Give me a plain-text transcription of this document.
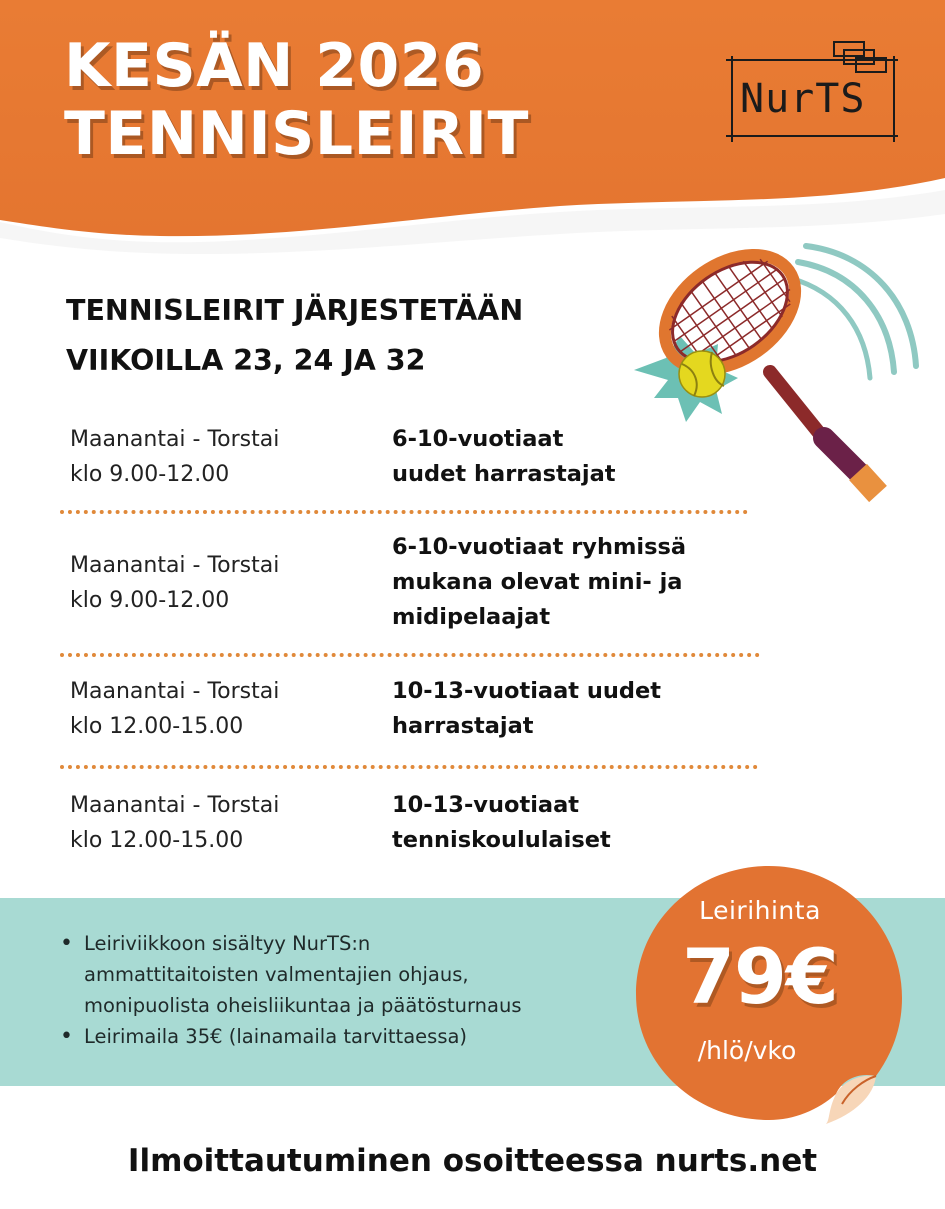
KESÄN 2026
TENNISLEIRIT	NurTS
TENNISLEIRIT JÄRJESTETÄÄN
VIIKOILLA 23, 24 JA 32
Maanantai - Torstai
klo 9.00-12.00
6-10-vuotiaat
uudet harrastajat
Maanantai - Torstai
klo 9.00-12.00
6-10-vuotiaat ryhmissä
mukana olevat mini- ja
midipelaajat
Maanantai - Torstai
klo 12.00-15.00
10-13-vuotiaat uudet
harrastajat
Maanantai - Torstai
klo 12.00-15.00
10-13-vuotiaat
tenniskoululaiset
• Leiriviikkoon sisältyy NurTS:n
ammattitaitoisten valmentajien ohjaus,
monipuolista oheisliikuntaa ja päätösturnaus
• Leirimaila 35€ (lainamaila tarvittaessa)
Leirihinta
79€
/hlö/vko
Ilmoittautuminen osoitteessa nurts.net
